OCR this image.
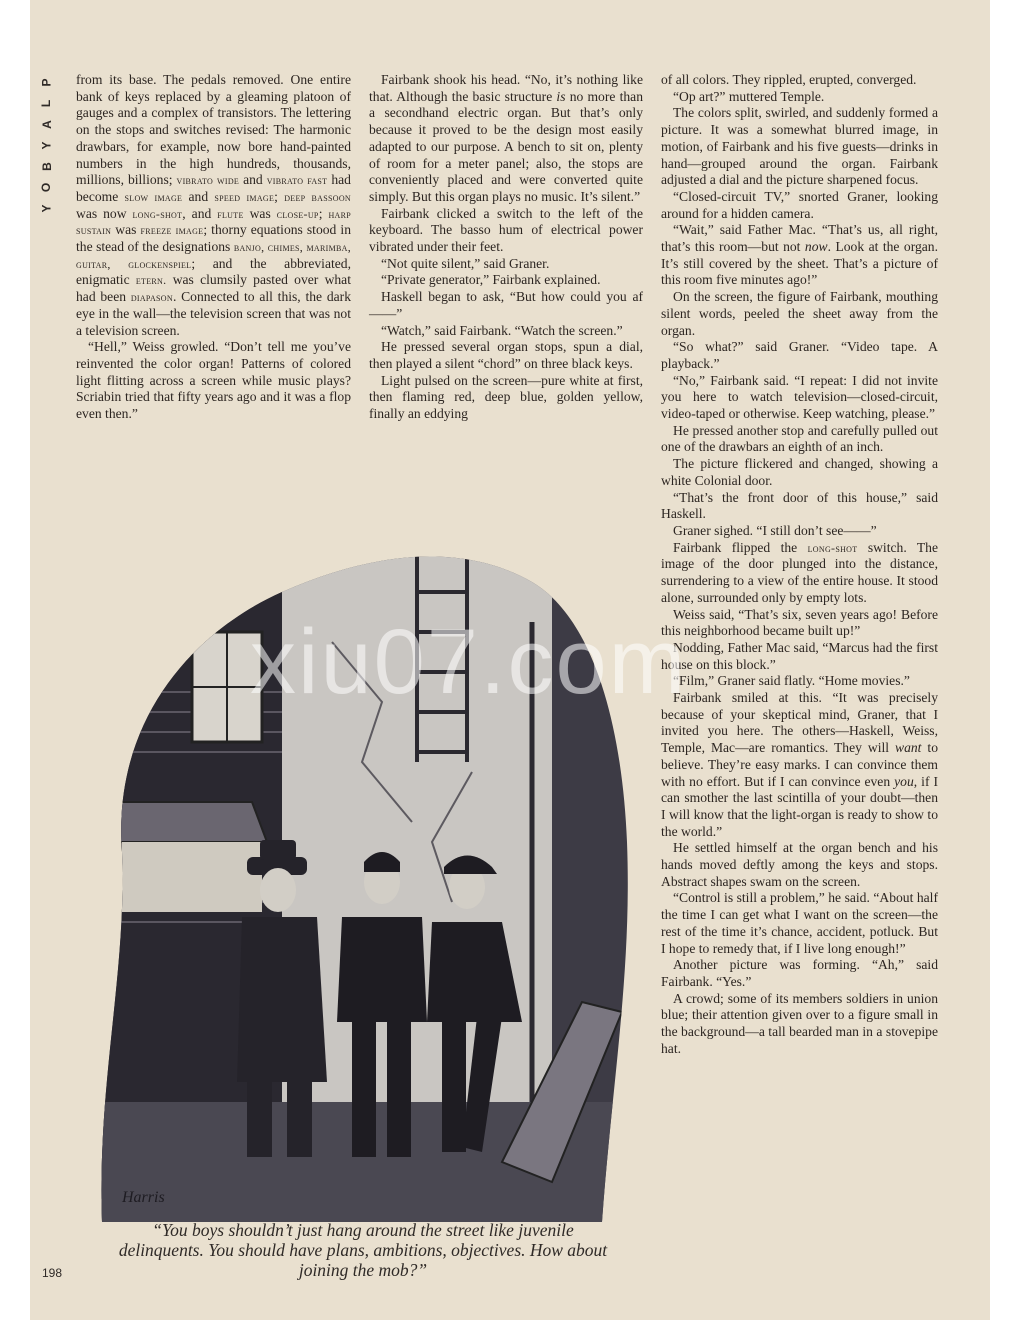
P
L
A
Y
B
O
Y

from its base. The pedals removed. One entire bank of keys replaced by a gleaming platoon of gauges and a complex of transistors. The lettering on the stops and switches revised: The harmonic drawbars, for example, now bore hand-painted numbers in the high hundreds, thousands, millions, billions; vibrato wide and vibrato fast had become slow image and speed image; deep bassoon was now long-shot, and flute was close-up; harp sustain was freeze image; thorny equations stood in the stead of the designations banjo, chimes, marimba, guitar, glockenspiel; and the abbreviated, enigmatic etern. was clumsily pasted over what had been diapason. Connected to all this, the dark eye in the wall—the television screen that was not a television screen.

“Hell,” Weiss growled. “Don’t tell me you’ve reinvented the color organ! Patterns of colored light flitting across a screen while music plays? Scriabin tried that fifty years ago and it was a flop even then.”

Fairbank shook his head. “No, it’s nothing like that. Although the basic structure is no more than a secondhand electric organ. But that’s only because it proved to be the design most easily adapted to our purpose. A bench to sit on, plenty of room for a meter panel; also, the stops are conveniently placed and were converted quite simply. But this organ plays no music. It’s silent.”

Fairbank clicked a switch to the left of the keyboard. The basso hum of electrical power vibrated under their feet.

“Not quite silent,” said Graner.

“Private generator,” Fairbank explained.

Haskell began to ask, “But how could you af——”

“Watch,” said Fairbank. “Watch the screen.”

He pressed several organ stops, spun a dial, then played a silent “chord” on three black keys.

Light pulsed on the screen—pure white at first, then flaming red, deep blue, golden yellow, finally an eddying

of all colors. They rippled, erupted, converged.

“Op art?” muttered Temple.

The colors split, swirled, and suddenly formed a picture. It was a somewhat blurred image, in motion, of Fairbank and his five guests—drinks in hand—grouped around the organ. Fairbank adjusted a dial and the picture sharpened focus.

“Closed-circuit TV,” snorted Graner, looking around for a hidden camera.

“Wait,” said Father Mac. “That’s us, all right, that’s this room—but not now. Look at the organ. It’s still covered by the sheet. That’s a picture of this room five minutes ago!”

On the screen, the figure of Fairbank, mouthing silent words, peeled the sheet away from the organ.

“So what?” said Graner. “Video tape. A playback.”

“No,” Fairbank said. “I repeat: I did not invite you here to watch television—closed-circuit, video-taped or otherwise. Keep watching, please.”

He pressed another stop and carefully pulled out one of the drawbars an eighth of an inch.

The picture flickered and changed, showing a white Colonial door.

“That’s the front door of this house,” said Haskell.

Graner sighed. “I still don’t see——”

Fairbank flipped the long-shot switch. The image of the door plunged into the distance, surrendering to a view of the entire house. It stood alone, surrounded only by empty lots.

Weiss said, “That’s six, seven years ago! Before this neighborhood became built up!”

Nodding, Father Mac said, “Marcus had the first house on this block.”

“Film,” Graner said flatly. “Home movies.”

Fairbank smiled at this. “It was precisely because of your skeptical mind, Graner, that I invited you here. The others—Haskell, Weiss, Temple, Mac—are romantics. They will want to believe. They’re easy marks. I can convince them with no effort. But if I can convince even you, if I can smother the last scintilla of your doubt—then I will know that the light-organ is ready to show to the world.”

He settled himself at the organ bench and his hands moved deftly among the keys and stops. Abstract shapes swam on the screen.

“Control is still a problem,” he said. “About half the time I can get what I want on the screen—the rest of the time it’s chance, accident, potluck. But I hope to remedy that, if I live long enough!”

Another picture was forming. “Ah,” said Fairbank. “Yes.”

A crowd; some of its members soldiers in union blue; their attention given over to a figure small in the background—a tall bearded man in a stovepipe hat.

Harris
“You boys shouldn’t just hang around the street like juvenile delinquents. You should have plans, ambitions, objectives. How about joining the mob?”
198
xiu07.com
